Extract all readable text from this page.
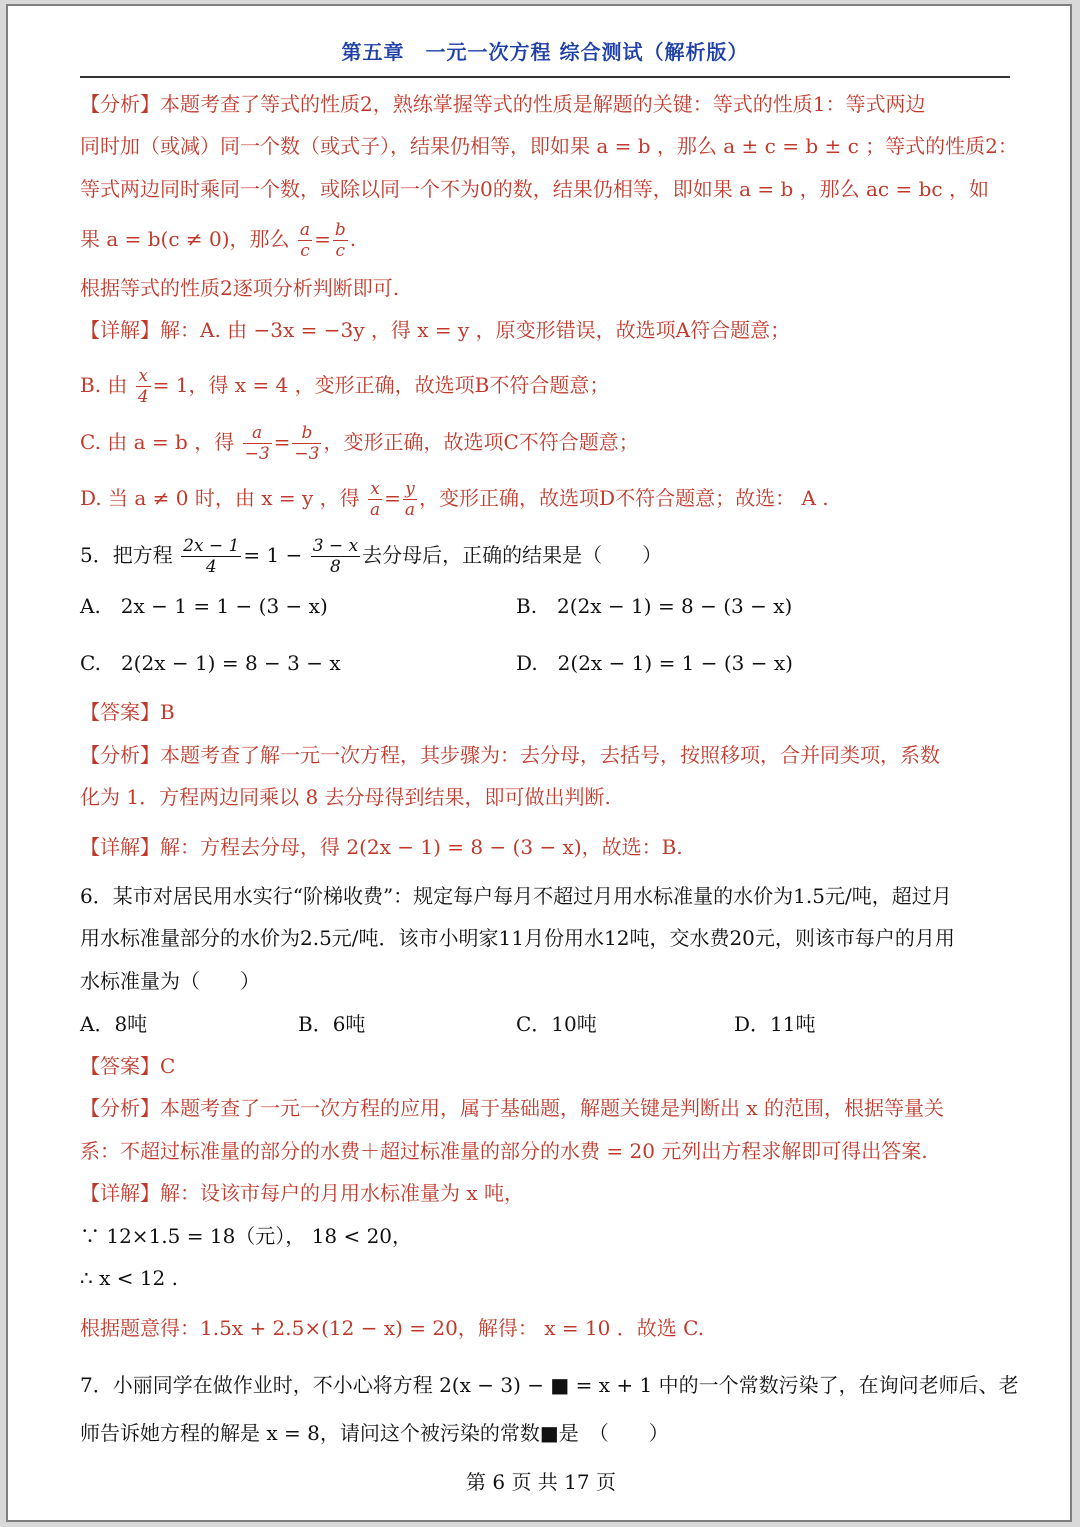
第五章　一元一次方程 综合测试（解析版）
【分析】本题考查了等式的性质2，熟练掌握等式的性质是解题的关键：等式的性质1：等式两边
同时加（或减）同一个数（或式子），结果仍相等，即如果 a = b ，那么 a ± c = b ± c ；等式的性质2：
等式两边同时乘同一个数，或除以同一个不为0的数，结果仍相等，即如果 a = b ，那么 ac = bc ，如
果 a = b(c ≠ 0)，那么 $\frac{a}{c} = \frac{b}{c}$ .
根据等式的性质2逐项分析判断即可.
【详解】解：A. 由 −3x = −3y ，得 x = y ，原变形错误，故选项A符合题意；
B. 由 $\frac{x}{4} = 1$，得 x = 4 ，变形正确，故选项B不符合题意；
C. 由 a = b ，得 $\frac{a}{-3} = \frac{b}{-3}$ ，变形正确，故选项C不符合题意；
D. 当 a ≠ 0 时，由 x = y ，得 $\frac{x}{a} = \frac{y}{a}$ ，变形正确，故选项D不符合题意；故选： A .
5．把方程 $\frac{2x - 1}{4} = 1 - \frac{3 - x}{8}$ 去分母后，正确的结果是（　　）
A.　2x − 1 = 1 − (3 − x)	B.　2(2x − 1) = 8 − (3 − x)
C.　2(2x − 1) = 8 − 3 − x	D.　2(2x − 1) = 1 − (3 − x)
【答案】B
【分析】本题考查了解一元一次方程，其步骤为：去分母，去括号，按照移项，合并同类项，系数
化为 1．方程两边同乘以 8 去分母得到结果，即可做出判断.
【详解】解：方程去分母，得 2(2x − 1) = 8 − (3 − x)，故选：B.
6．某市对居民用水实行“阶梯收费”：规定每户每月不超过月用水标准量的水价为1.5元/吨，超过月
用水标准量部分的水价为2.5元/吨．该市小明家11月份用水12吨，交水费20元，则该市每户的月用
水标准量为（　　）
A．8吨	B．6吨	C．10吨	D．11吨
【答案】C
【分析】本题考查了一元一次方程的应用，属于基础题，解题关键是判断出 x 的范围，根据等量关
系：不超过标准量的部分的水费＋超过标准量的部分的水费 = 20 元列出方程求解即可得出答案.
【详解】解：设该市每户的月用水标准量为 x 吨，
∵ 12×1.5 = 18（元）， 18 < 20，
∴ x < 12 .
根据题意得：1.5x + 2.5×(12 − x) = 20，解得： x = 10 ．故选 C.
7．小丽同学在做作业时，不小心将方程 2(x − 3) − ■ = x + 1 中的一个常数污染了，在询问老师后、老
师告诉她方程的解是 x = 8，请问这个被污染的常数■是　（　　）
第 6 页 共 17 页
